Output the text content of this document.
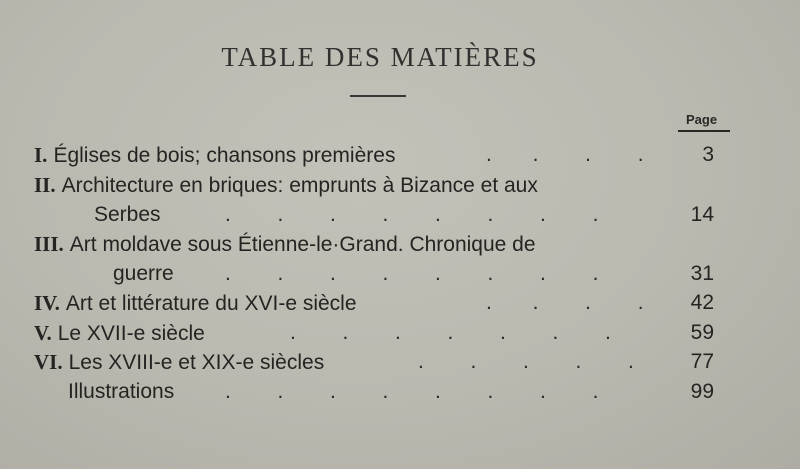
TABLE DES MATIÈRES
Page
I. Églises de bois; chansons premières	.       .        .        .	3
II. Architecture en briques: emprunts à Bizance et aux
Serbes	.        .        .        .        .        .        .        .	14
III. Art moldave sous Étienne-le·Grand. Chronique de
guerre .        .        .        .        .        .        .        .	31
IV. Art et littérature du XVI-e siècle	.       .        .        . 42
V. Le XVII-e siècle	.        .        .        .        .        .        .	59
VI. Les XVIII-e et XIX-e siècles	.        .        .        .        .	77
Illustrations .        .        .        .        .        .        .        .	99
